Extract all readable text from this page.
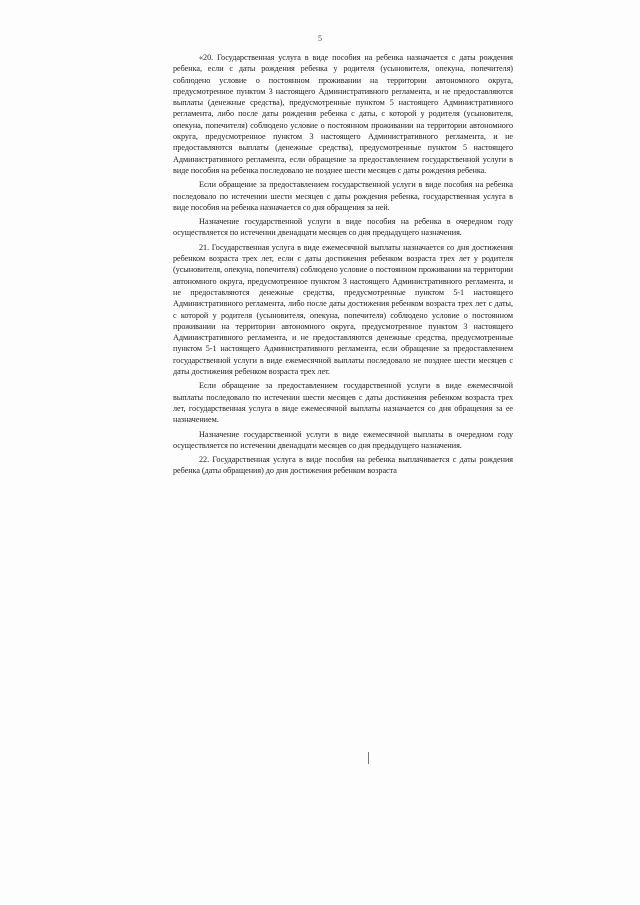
5

«20. Государственная услуга в виде пособия на ребенка назначается с даты рождения ребенка, если с даты рождения ребенка у родителя (усыновителя, опекуна, попечителя) соблюдено условие о постоянном проживании на территории автономного округа, предусмотренное пунктом 3 настоящего Административного регламента, и не предоставляются выплаты (денежные средства), предусмотренные пунктом 5 настоящего Административного регламента, либо после даты рождения ребенка с даты, с которой у родителя (усыновителя, опекуна, попечителя) соблюдено условие о постоянном проживании на территории автономного округа, предусмотренное пунктом 3 настоящего Административного регламента, и не предоставляются выплаты (денежные средства), предусмотренные пунктом 5 настоящего Административного регламента, если обращение за предоставлением государственной услуги в виде пособия на ребенка последовало не позднее шести месяцев с даты рождения ребенка.

Если обращение за предоставлением государственной услуги в виде пособия на ребенка последовало по истечении шести месяцев с даты рождения ребенка, государственная услуга в виде пособия на ребенка назначается со дня обращения за ней.

Назначение государственной услуги в виде пособия на ребенка в очередном году осуществляется по истечении двенадцати месяцев со дня предыдущего назначения.

21. Государственная услуга в виде ежемесячной выплаты назначается со дня достижения ребенком возраста трех лет, если с даты достижения ребенком возраста трех лет у родителя (усыновителя, опекуна, попечителя) соблюдено условие о постоянном проживании на территории автономного округа, предусмотренное пунктом 3 настоящего Административного регламента, и не предоставляются денежные средства, предусмотренные пунктом 5-1 настоящего Административного регламента, либо после даты достижения ребенком возраста трех лет с даты, с которой у родителя (усыновителя, опекуна, попечителя) соблюдено условие о постоянном проживании на территории автономного округа, предусмотренное пунктом 3 настоящего Административного регламента, и не предоставляются денежные средства, предусмотренные пунктом 5-1 настоящего Административного регламента, если обращение за предоставлением государственной услуги в виде ежемесячной выплаты последовало не позднее шести месяцев с даты достижения ребенком возраста трех лет.

Если обращение за предоставлением государственной услуги в виде ежемесячной выплаты последовало по истечении шести месяцев с даты достижения ребенком возраста трех лет, государственная услуга в виде ежемесячной выплаты назначается со дня обращения за ее назначением.

Назначение государственной услуги в виде ежемесячной выплаты в очередном году осуществляется по истечении двенадцати месяцев со дня предыдущего назначения.

22. Государственная услуга в виде пособия на ребенка выплачивается с даты рождения ребенка (даты обращения) до дня достижения ребенком возраста
